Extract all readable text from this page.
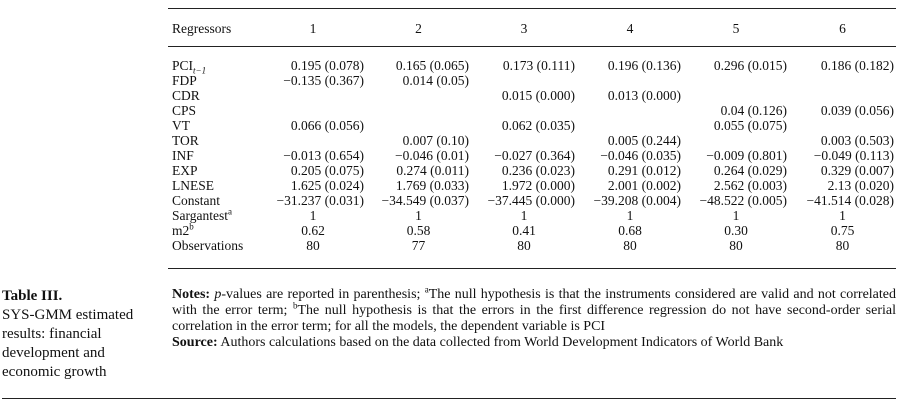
Regressors	1	2	3	4	5	6
$PCI_{t-1}$	0.195 (0.078)	0.165 (0.065)	0.173 (0.111)	0.196 (0.136)	0.296 (0.015)	0.186 (0.182)
FDP	−0.135 (0.367)	0.014 (0.05)				
CDR			0.015 (0.000)	0.013 (0.000)		
CPS					0.04 (0.126)	0.039 (0.056)
VT	0.066 (0.056)		0.062 (0.035)		0.055 (0.075)	
TOR		0.007 (0.10)		0.005 (0.244)		0.003 (0.503)
INF	−0.013 (0.654)	−0.046 (0.01)	−0.027 (0.364)	−0.046 (0.035)	−0.009 (0.801)	−0.049 (0.113)
EXP	0.205 (0.075)	0.274 (0.011)	0.236 (0.023)	0.291 (0.012)	0.264 (0.029)	0.329 (0.007)
LNESE	1.625 (0.024)	1.769 (0.033)	1.972 (0.000)	2.001 (0.002)	2.562 (0.003)	2.13 (0.020)
Constant	−31.237 (0.031)	−34.549 (0.037)	−37.445 (0.000)	−39.208 (0.004)	−48.522 (0.005)	−41.514 (0.028)
Sargantest$^a$	1	1	1	1	1	1
m2$^b$	0.62	0.58	0.41	0.68	0.30	0.75
Observations	80	77	80	80	80	80
Table III.
SYS-GMM estimated results: financial development and economic growth
Notes: p-values are reported in parenthesis; $^a$The null hypothesis is that the instruments considered are valid and not correlated with the error term; $^b$The null hypothesis is that the errors in the first difference regression do not have second-order serial correlation in the error term; for all the models, the dependent variable is PCI
Source: Authors calculations based on the data collected from World Development Indicators of World Bank
